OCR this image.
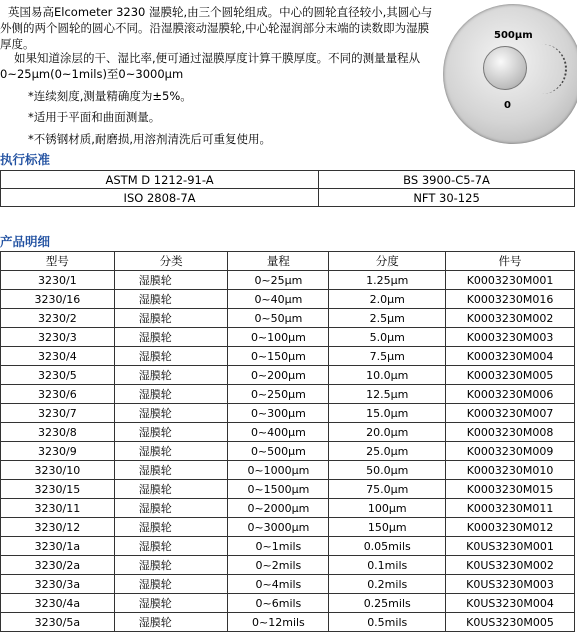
英国易高Elcometer 3230 湿膜轮,由三个圆轮组成。中心的圆轮直径较小,其圆心与外侧的两个圆轮的圆心不同。沿湿膜滚动湿膜轮,中心轮湿润部分末端的读数即为湿膜厚度。

如果知道涂层的干、湿比率,便可通过湿膜厚度计算干膜厚度。不同的测量量程从0~25μm(0~1mils)至0~3000μm

*连续刻度,测量精确度为±5%。
*适用于平面和曲面测量。
*不锈钢材质,耐磨损,用溶剂清洗后可重复使用。
500μm
0
执行标准
ASTM D 1212-91-A	BS 3900-C5-7A
ISO 2808-7A	NFT 30-125
产品明细
型号	分类	量程	分度	件号
3230/1	湿膜轮	0~25μm	1.25μm	K0003230M001
3230/16	湿膜轮	0~40μm	2.0μm	K0003230M016
3230/2	湿膜轮	0~50μm	2.5μm	K0003230M002
3230/3	湿膜轮	0~100μm	5.0μm	K0003230M003
3230/4	湿膜轮	0~150μm	7.5μm	K0003230M004
3230/5	湿膜轮	0~200μm	10.0μm	K0003230M005
3230/6	湿膜轮	0~250μm	12.5μm	K0003230M006
3230/7	湿膜轮	0~300μm	15.0μm	K0003230M007
3230/8	湿膜轮	0~400μm	20.0μm	K0003230M008
3230/9	湿膜轮	0~500μm	25.0μm	K0003230M009
3230/10	湿膜轮	0~1000μm	50.0μm	K0003230M010
3230/15	湿膜轮	0~1500μm	75.0μm	K0003230M015
3230/11	湿膜轮	0~2000μm	100μm	K0003230M011
3230/12	湿膜轮	0~3000μm	150μm	K0003230M012
3230/1a	湿膜轮	0~1mils	0.05mils	K0US3230M001
3230/2a	湿膜轮	0~2mils	0.1mils	K0US3230M002
3230/3a	湿膜轮	0~4mils	0.2mils	K0US3230M003
3230/4a	湿膜轮	0~6mils	0.25mils	K0US3230M004
3230/5a	湿膜轮	0~12mils	0.5mils	K0US3230M005
